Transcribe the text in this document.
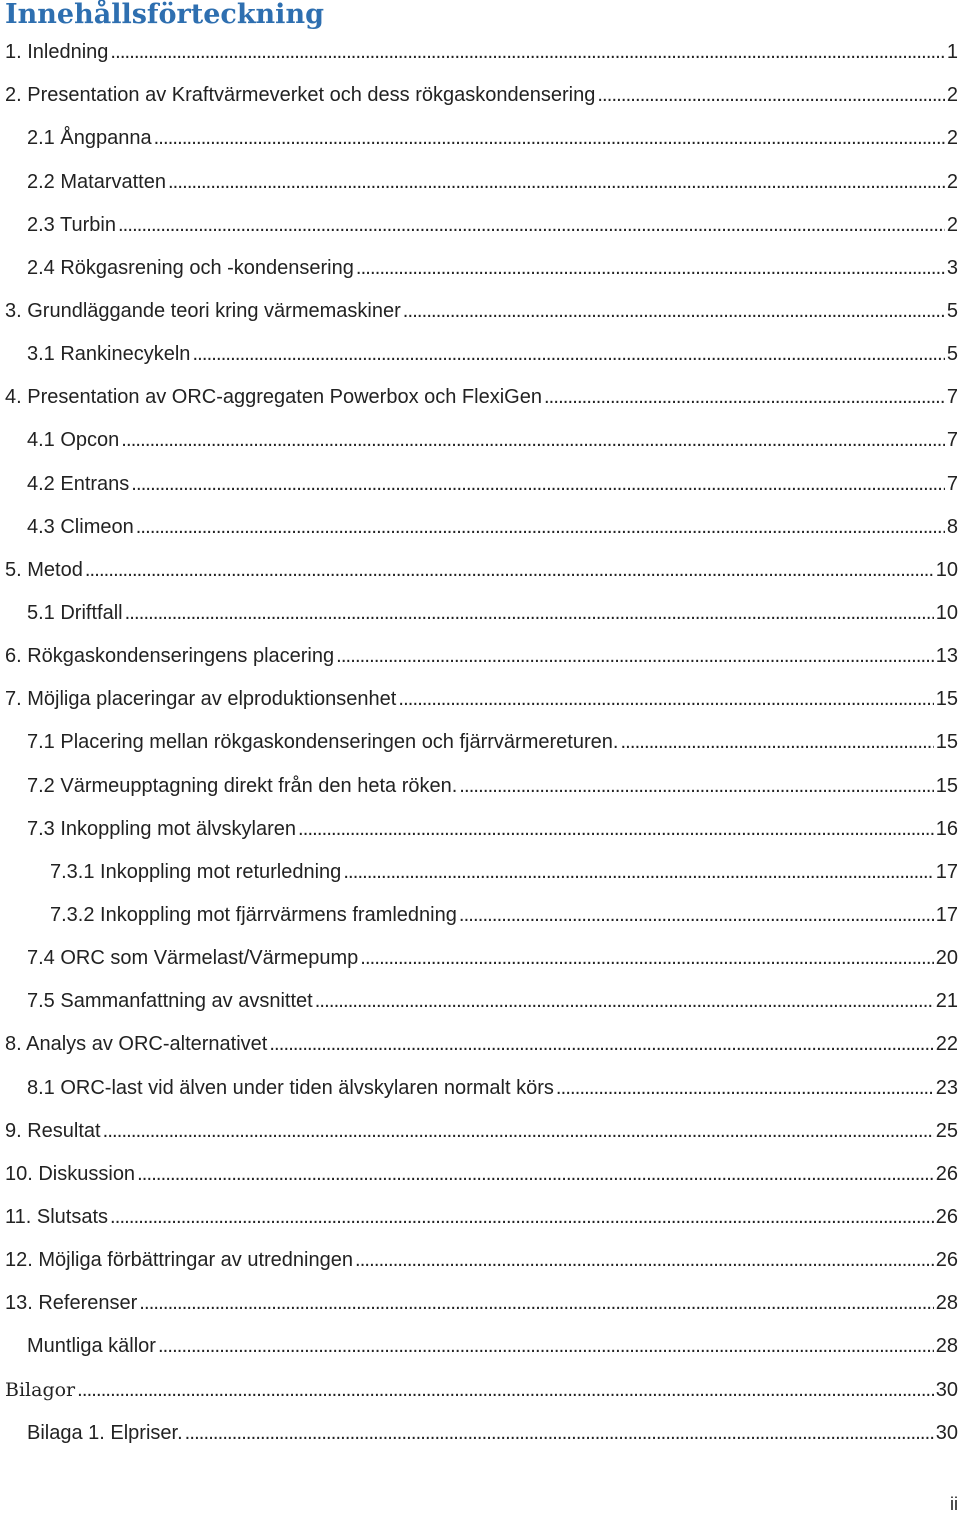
Innehållsförteckning
1. Inledning . . .	1
2. Presentation av Kraftvärmeverket och dess rökgaskondensering . . .	2
2.1 Ångpanna . . .	2
2.2 Matarvatten . . .	2
2.3 Turbin . . .	2
2.4 Rökgasrening och -kondensering . . .	3
3. Grundläggande teori kring värmemaskiner . . .	5
3.1 Rankinecykeln . . .	5
4. Presentation av ORC-aggregaten Powerbox och FlexiGen . . .	7
4.1 Opcon . . .	7
4.2 Entrans . . .	7
4.3 Climeon . . .	8
5. Metod . . .	10
5.1 Driftfall . . .	10
6. Rökgaskondenseringens placering . . .	13
7. Möjliga placeringar av elproduktionsenhet . . .	15
7.1 Placering mellan rökgaskondenseringen och fjärrvärmereturen. . . .	15
7.2 Värmeupptagning direkt från den heta röken. . . .	15
7.3 Inkoppling mot älvskylaren . . .	16
7.3.1 Inkoppling mot returledning . . .	17
7.3.2 Inkoppling mot fjärrvärmens framledning . . .	17
7.4 ORC som Värmelast/Värmepump . . .	20
7.5 Sammanfattning av avsnittet . . .	21
8. Analys av ORC-alternativet . . .	22
8.1 ORC-last vid älven under tiden älvskylaren normalt körs . . .	23
9. Resultat . . .	25
10. Diskussion . . .	26
11. Slutsats . . .	26
12. Möjliga förbättringar av utredningen . . .	26
13. Referenser . . .	28
Muntliga källor . . .	28
Bilagor . . .	30
Bilaga 1. Elpriser. . . .	30
ii
